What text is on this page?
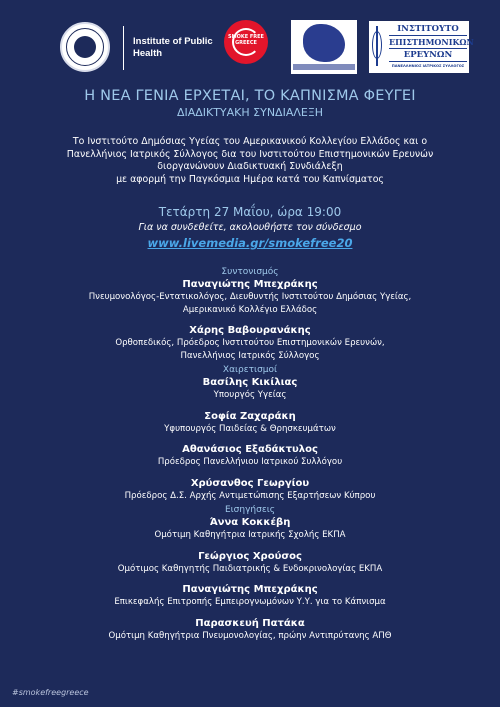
Institute of Public Health
SMOKE FREE GREECE
ΙΝΣΤΙΤΟΥΤΟ
ΕΠΙΣΤΗΜΟΝΙΚΩΝ
ΕΡΕΥΝΩΝ
ΠΑΝΕΛΛΗΝΙΟΣ ΙΑΤΡΙΚΟΣ ΣΥΛΛΟΓΟΣ
Η ΝΕΑ ΓΕΝΙΑ ΕΡΧΕΤΑΙ, ΤΟ ΚΑΠΝΙΣΜΑ ΦΕΥΓΕΙ
ΔΙΑΔΙΚΤΥΑΚΗ ΣΥΝΔΙΑΛΕΞΗ
Το Ινστιτούτο Δημόσιας Υγείας του Αμερικανικού Κολλεγίου Ελλάδος και ο
Πανελλήνιος Ιατρικός Σύλλογος δια του Ινστιτούτου Επιστημονικών Ερευνών
διοργανώνουν Διαδικτυακή Συνδιάλεξη
με αφορμή την Παγκόσμια Ημέρα κατά του Καπνίσματος
Τετάρτη 27 Μαΐου, ώρα 19:00
Για να συνδεθείτε, ακολουθήστε τον σύνδεσμο
www.livemedia.gr/smokefree20
Συντονισμός
Παναγιώτης Μπεχράκης
Πνευμονολόγος-Εντατικολόγος, Διευθυντής Ινστιτούτου Δημόσιας Υγείας,
Αμερικανικό Κολλέγιο Ελλάδος
Χάρης Βαβουρανάκης
Ορθοπεδικός, Πρόεδρος Ινστιτούτου Επιστημονικών Ερευνών,
Πανελλήνιος Ιατρικός Σύλλογος
Χαιρετισμοί
Βασίλης Κικίλιας
Υπουργός Υγείας
Σοφία Ζαχαράκη
Υφυπουργός Παιδείας & Θρησκευμάτων
Αθανάσιος Εξαδάκτυλος
Πρόεδρος Πανελλήνιου Ιατρικού Συλλόγου
Χρύσανθος Γεωργίου
Πρόεδρος Δ.Σ. Αρχής Αντιμετώπισης Εξαρτήσεων Κύπρου
Εισηγήσεις
Άννα Κοκκέβη
Ομότιμη Καθηγήτρια Ιατρικής Σχολής ΕΚΠΑ
Γεώργιος Χρούσος
Ομότιμος Καθηγητής Παιδιατρικής & Ενδοκρινολογίας ΕΚΠΑ
Παναγιώτης Μπεχράκης
Επικεφαλής Επιτροπής Εμπειρογνωμόνων Υ.Υ. για το Κάπνισμα
Παρασκευή Πατάκα
Ομότιμη Καθηγήτρια Πνευμονολογίας, πρώην Αντιπρύτανης ΑΠΘ
#smokefreegreece
